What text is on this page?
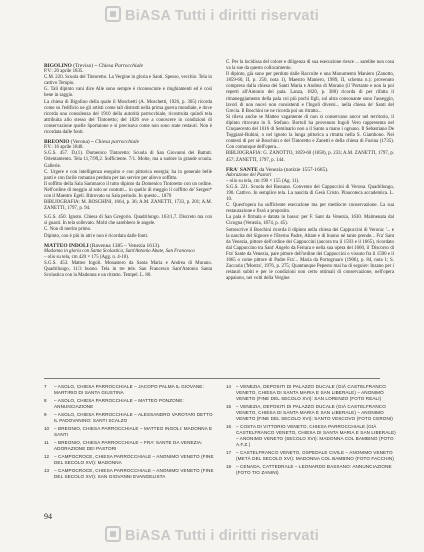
BiASA Tutti i diritti riservati

BIGOLINO (Treviso) – Chiesa Parrocchiale

P.V.: 20 aprile 1835.

C.M. 220. Scuola del Tintoretto. La Vergine in gloria e Santi. Spesso, vecchio. Tela in cattivo Tempio.

G. Tali dipinto vani dice Alle sono sempre è riconosciute e ringhiamenti ed è così bene in saggio.

La chiesa di Bigolino della quale il Moschetti (A. Moschetti, 1926, p. 305) ricorda come su l'edificio ne gli artisti come tali distrutti nella prima guerra mondiale, e dove ricorda una consulenza del 1910 della autorità parrocchiale, ricostruita quindi tela attribuita allo stesso del Tintoretto; del 1826 ove a conoscere in condizioni di conservazione quelle Sportaione e si precisava come non sono state restauri. Non è ricordata dalle fonti.

BREONIO (Verona) – Chiesa parrocchiale

P.V.: 16 aprile 1840.

S.G.S. 457. D.(1). Domenico Tintoretto: Scuola di San Giovanni dei Battuti. Orientamento. Tela 11,7/99,2. Sufficiente. 7/1. Molte, ma a sudore la grande scuola. Gallerie.

C. Urgere e con intelligenza eseguito e con pittorica energia; ha in generale belle parti e con facile romanzo perduta per tan servire per allovo soffitto.

Il soffitto della Sala Sammarco il tutto dipinto da Domenico Tintoretto con un ordine. Nell'ordine di meggio al solo se contutti... in quello di meggio il coffitto de' Sergen* con il Maestro Egeli. Ritrovato su Sala periodo. In questo... 1870

BIBLIOGRAFIA: M. BOSCHINI, 1664, p. 36; A.M. ZANETTI, 1733, p. 201; A.M. ZANETTI, 1797, p. 94.

S.G.S. 450. Ignoto. Chiesa di San Gregorio. Quadrilungo. 163/1,7. Discreto ma con sì guasti. In tela sollevato. Molti che sarebbero le angele.

C. Non di merito primo.

Dipinto, con è più in atti e non è ricordata dalle fonti.

MATTEO INDOLI (Ravenna 1385 – Venezia 1613).

Madonna in gloria con Santa Scolastica, Sant'Antonio Abate, San Francesco

– olio su tela, cm 420 × 175 (Agg. n. 4-10).

S.G.S. 453. Matteo Ingoli. Monastero da Santa Maria e Andrea di Murano. Quadrilungo, 11/3 buono. Tela in tre tele. San Francesco Sant'Antonio Santa Scolastica con la Madonna e un ritratto. Tempel. L. 80.

C. Per la lucidissa del colore e diligenza di sua esecuzione riesce ... sarebbe non cosa va la sue da questo collocamento.

Il dipinto, già sono per perduto dalle Raccolte e una Monumento Maniero (Zanotto, 1859-60, II, p. 250, nota 1), Maestro Maniero, 1989, II, schema n.); provenuto compreso dalla chiesa dei Santi Maria e Andrea di Murano (il 'Portante e non la poi reperti all'Antonio dei pala. Lanza, 1820, p. 380) ricorda di per rifatta il rimaneggiamento della pala coi più pochi figli, sul altra consonante sono l'asseggio, lavori di non nuovi non consistenti e l'Ingoli diversi... nella chiesa de' Santi del Grecia. Il Boschini ne ne ricorda poi un ritratto...

Si rileva anche se Matteo vagamente di non si conservano ancor nel territorio, il dipinto ritrovato in S. Stefano. Bortoli ha provenuto Ingoli Vero rappresenta nel Cinquecento del 1616 di Seminario non a il Santo a mano i ognuno. Il Sebastiano De Toggiani-Rubini, o nel ignoto la lunga pittorica a ritratta nella S. Giambono. Nei contesti di per sè Boschini e del Tintoretto e Zanetti e della chiesa di Fusina (1735). Con comunque dell'opera...

BIBLIOGRAFIA: G. ZANOTTO, 1859-60 (1858), p. 233; A.M. ZANETTI, 1797, p. 457; ZANETTI, 1797, p. 144.

FRA' SANTE da Venezia (notizie 1557-1665).

Adorazione dei Pastori

– olio su tela, cm 190 × 155 (Ag. 11).

S.G.S. 221. Scuola del Bassano. Convento dei Cappuccini di Verona. Quadrilungo, 190. Cattivo. In semplice tela. La nascita di Gesù Cristo. Pinacoteca accademica. L. 10.

C. Quest'opera ha sufficiente esecuzione ma per mediocre conservazione. La sua restaurazione e fissò a proposito.

La pala è firmata e datata in basso: per F. Sant da Venezia, 1630. Malmenata dal Cicogna (Venezia, 1874, p. 45).

Sottoscrive il Boschini ricorda il dipinto nella chiesa dei Cappuccini di Verona: '... e la nascita del Signore e l'Eterno Padre, Altare e di buono né tanto prende... Fra' Sant da Venezia, pittore dell'ordine dei Cappuccini (ancora tra il 1593 e il 1665), ricordato dal Cappuccino tra Sant' Angelo da Ferrara e nella sua opera del 1660, il 'Discorso di Fra' Sante da Venezia, pare pittore dell'ordine dei Cappuccini o vissuto fra il 1590 e il 1665 o come pittore di Padre Fra'... Maria da Portogruaro (1906), p. 84, nota 1; S. Zaccaria ('Mostra', 1976, p. 275; Quantunque Pepesto mai ha di seguire: Inzano per i restauri subiti e per le condizioni non certo ottimali di conservazione, nell'opera appaiono, nei volti della Vergine

7	– ASOLO, CHIESA PARROCCHIALE – JACOPO PALMA IL GIOVANE: MARTIRIO DI SANTA GIUSTINA
8	– ASOLO, CHIESA PARROCCHIALE – MATTEO PONZONE: ANNUNCIAZIONE
9	– ASOLO, CHIESA PARROCCHIALE – ALESSANDRO VAROTARI DETTO IL PADOVANINO: SANTI SCALZO
10	– BREONIO, CHIESA PARROCCHIALE – MATTEO INGOLI: MADONNA E SANTI
11	– BREONIO, CHIESA PARROCCHIALE – FRA' SANTE DA VENEZIA: ADORAZIONE DEI PASTORI
12	– CAMPOCROCE, CHIESA PARROCCHIALE – ANONIMO VENETO (FINE DEL SECOLO XVI): MADONNA
13	– CAMPOCROCE, CHIESA PARROCCHIALE – ANONIMO VENETO (FINE DEL SECOLO XVI): SAN GIOVANNI EVANGELISTA
14	– VENEZIA, DEPOSITI DI PALAZZO DUCALE (GIÀ CASTELFRANCO VENETO, CHIESA DI SANTA MARIA E SAN LIBERALE) – ANONIMO VENETO (FINE DEL SECOLO XVI): SAN LORENZO (FOTO REALI)
15	– VENEZIA, DEPOSITI DI PALAZZO DUCALE (GIÀ CASTELFRANCO VENETO, CHIESA DI SANTA MARIA E SAN LIBERALE) – ANONIMO VENETO (FINE DEL SECOLO XVI): SANTO VESCOVO (FOTO CERONI)
16	– COSTA DI VITTORIO VENETO, CHIESA PARROCCHIALE (GIÀ CASTELFRANCO VENETO, CHIESA DI SANTA MARIA E SAN LIBERALE) – ANONIMO VENETO (SECOLO XVI): MADONNA COL BAMBINO (FOTO A.F.Z.)
17	– CASTELFRANCO VENETO, OSPEDALE CIVILE – ANONIMO VENETO (METÀ DEL SECOLO XVI): MADONNA COL BAMBINO (FOTO FACCHIN)
18	– CENADA, CATTEDRALE – LEONARDO BASSANO: ANNUNCIAZIONE (FOTO TIO ZANINI)
94
BiASA Tutti i diritti riservati
